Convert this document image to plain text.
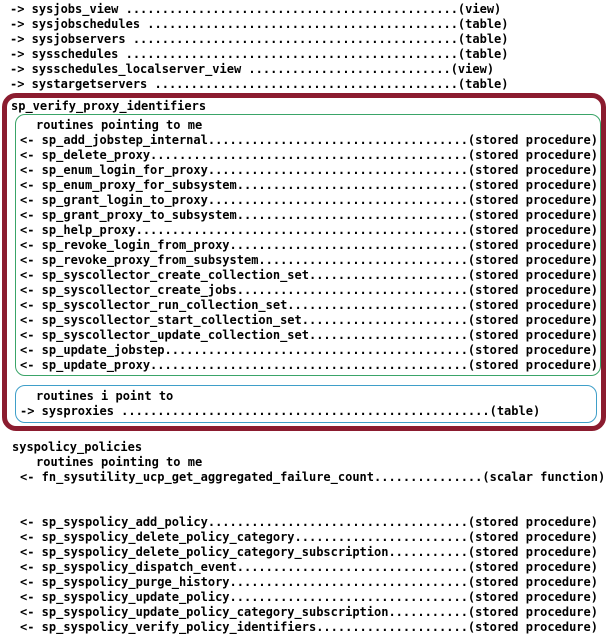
-> sysjobs_view ..............................................(view)
-> sysjobschedules ...........................................(table)
-> sysjobservers .............................................(table)
-> sysschedules ..............................................(table)
-> sysschedules_localserver_view ............................(view)
-> systargetservers ..........................................(table)
sp_verify_proxy_identifiers
routines pointing to me
<- sp_add_jobstep_internal....................................(stored procedure)
<- sp_delete_proxy............................................(stored procedure)
<- sp_enum_login_for_proxy....................................(stored procedure)
<- sp_enum_proxy_for_subsystem................................(stored procedure)
<- sp_grant_login_to_proxy....................................(stored procedure)
<- sp_grant_proxy_to_subsystem................................(stored procedure)
<- sp_help_proxy..............................................(stored procedure)
<- sp_revoke_login_from_proxy.................................(stored procedure)
<- sp_revoke_proxy_from_subsystem.............................(stored procedure)
<- sp_syscollector_create_collection_set......................(stored procedure)
<- sp_syscollector_create_jobs................................(stored procedure)
<- sp_syscollector_run_collection_set.........................(stored procedure)
<- sp_syscollector_start_collection_set.......................(stored procedure)
<- sp_syscollector_update_collection_set......................(stored procedure)
<- sp_update_jobstep..........................................(stored procedure)
<- sp_update_proxy............................................(stored procedure)
routines i point to
-> sysproxies ...................................................(table)
syspolicy_policies
routines pointing to me
<- fn_sysutility_ucp_get_aggregated_failure_count...............(scalar function)
<- sp_syspolicy_add_policy....................................(stored procedure)
<- sp_syspolicy_delete_policy_category........................(stored procedure)
<- sp_syspolicy_delete_policy_category_subscription...........(stored procedure)
<- sp_syspolicy_dispatch_event................................(stored procedure)
<- sp_syspolicy_purge_history.................................(stored procedure)
<- sp_syspolicy_update_policy.................................(stored procedure)
<- sp_syspolicy_update_policy_category_subscription...........(stored procedure)
<- sp_syspolicy_verify_policy_identifiers.....................(stored procedure)
